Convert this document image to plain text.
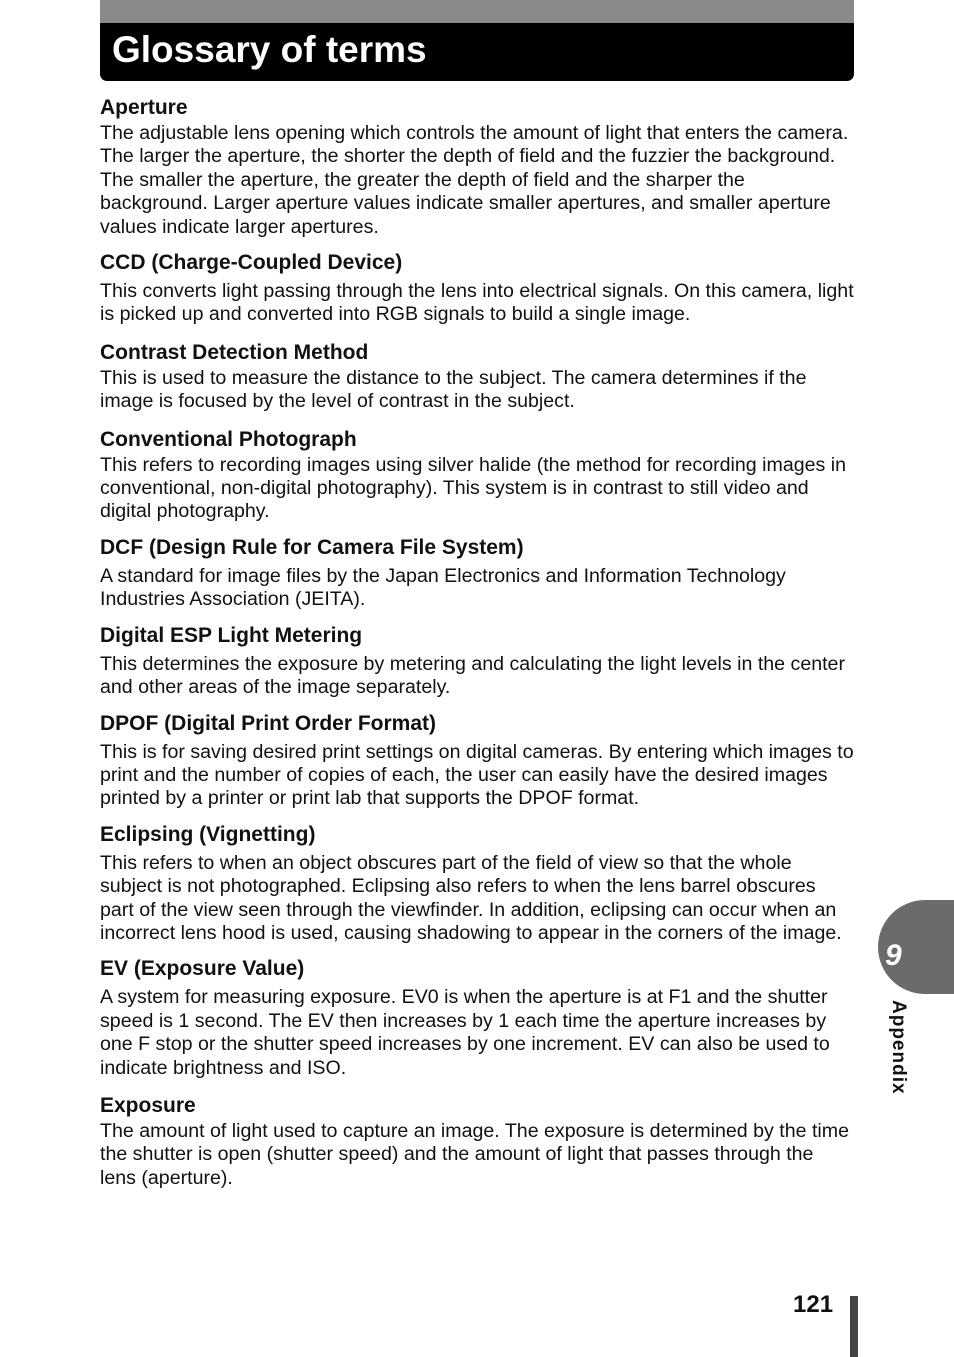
Glossary of terms
Aperture

The adjustable lens opening which controls the amount of light that enters the camera. The larger the aperture, the shorter the depth of field and the fuzzier the background. The smaller the aperture, the greater the depth of field and the sharper the background. Larger aperture values indicate smaller apertures, and smaller aperture values indicate larger apertures.

CCD (Charge-Coupled Device)

This converts light passing through the lens into electrical signals. On this camera, light is picked up and converted into RGB signals to build a single image.

Contrast Detection Method

This is used to measure the distance to the subject. The camera determines if the image is focused by the level of contrast in the subject.

Conventional Photograph

This refers to recording images using silver halide (the method for recording images in conventional, non-digital photography). This system is in contrast to still video and digital photography.

DCF (Design Rule for Camera File System)

A standard for image files by the Japan Electronics and Information Technology Industries Association (JEITA).

Digital ESP Light Metering

This determines the exposure by metering and calculating the light levels in the center and other areas of the image separately.

DPOF (Digital Print Order Format)

This is for saving desired print settings on digital cameras. By entering which images to print and the number of copies of each, the user can easily have the desired images printed by a printer or print lab that supports the DPOF format.

Eclipsing (Vignetting)

This refers to when an object obscures part of the field of view so that the whole subject is not photographed. Eclipsing also refers to when the lens barrel obscures part of the view seen through the viewfinder. In addition, eclipsing can occur when an incorrect lens hood is used, causing shadowing to appear in the corners of the image.

EV (Exposure Value)

A system for measuring exposure. EV0 is when the aperture is at F1 and the shutter speed is 1 second. The EV then increases by 1 each time the aperture increases by one F stop or the shutter speed increases by one increment. EV can also be used to indicate brightness and ISO.

Exposure

The amount of light used to capture an image. The exposure is determined by the time the shutter is open (shutter speed) and the amount of light that passes through the lens (aperture).

9
Appendix
121
